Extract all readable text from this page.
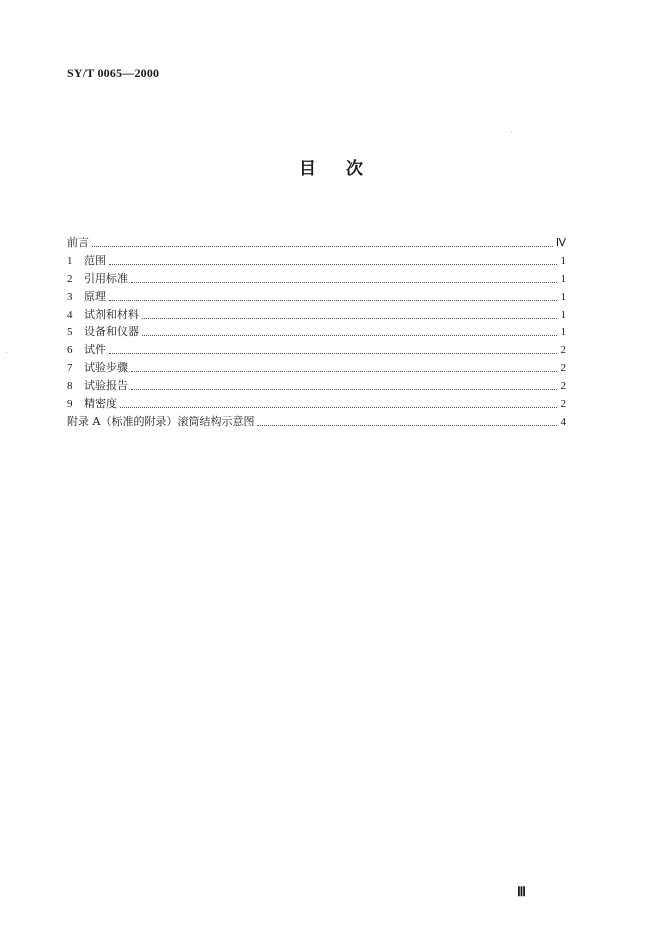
SY/T 0065—2000
目次
前言	Ⅳ
1	范围	1
2	引用标准	1
3	原理	1
4	试剂和材料	1
5	设备和仪器	1
6	试件	2
7	试验步骤	2
8	试验报告	2
9	精密度	2
附录 A（标准的附录）滚筒结构示意图	4
Ⅲ
